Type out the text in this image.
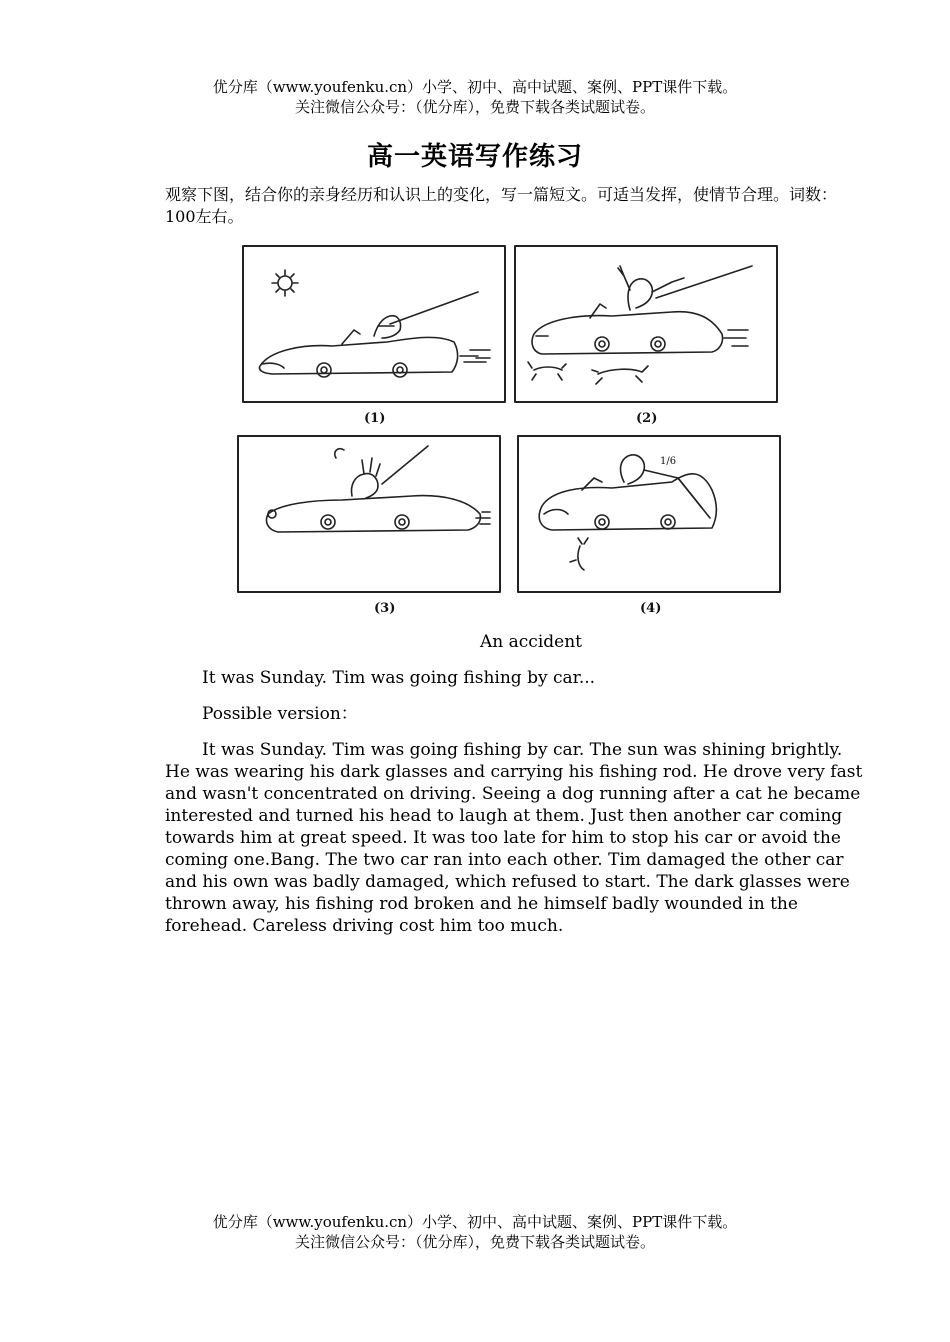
优分库（www.youfenku.cn）小学、初中、高中试题、案例、PPT课件下载。
关注微信公众号：（优分库），免费下载各类试题试卷。
高一英语写作练习
观察下图，结合你的亲身经历和认识上的变化，写一篇短文。可适当发挥，使情节合理。词数：100左右。
(1)	(2)
(3)
1/6
(4)
An accident
It was Sunday. Tim was going fishing by car...
Possible version：
It was Sunday. Tim was going fishing by car. The sun was shining brightly. He was wearing his dark glasses and carrying his fishing rod. He drove very fast and wasn't concentrated on driving. Seeing a dog running after a cat he became interested and turned his head to laugh at them. Just then another car coming towards him at great speed. It was too late for him to stop his car or avoid the coming one.Bang. The two car ran into each other. Tim damaged the other car and his own was badly damaged, which refused to start. The dark glasses were thrown away, his fishing rod broken and he himself badly wounded in the forehead. Careless driving cost him too much.
优分库（www.youfenku.cn）小学、初中、高中试题、案例、PPT课件下载。
关注微信公众号：（优分库），免费下载各类试题试卷。
